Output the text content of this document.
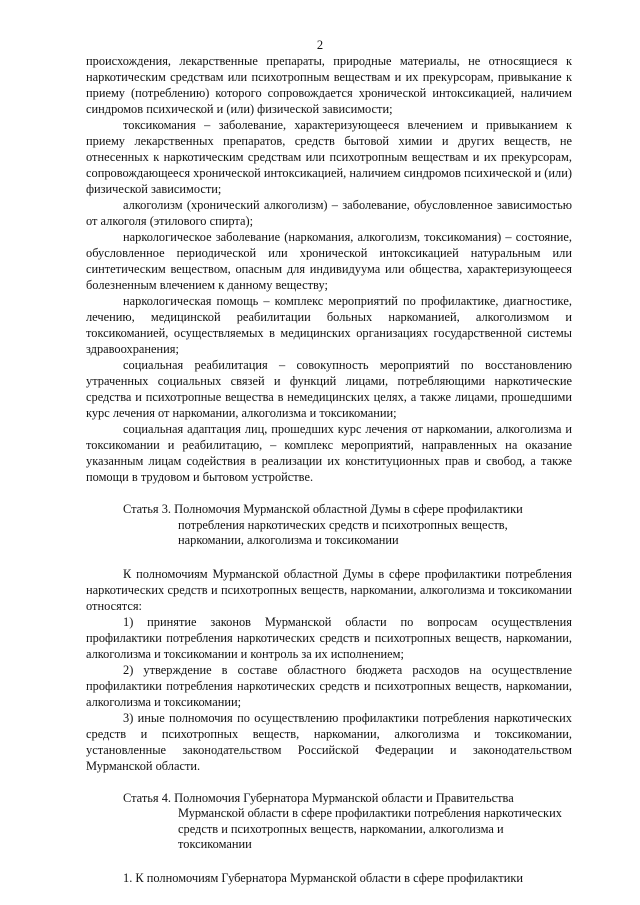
2

происхождения, лекарственные препараты, природные материалы, не относящиеся к наркотическим средствам или психотропным веществам и их прекурсорам, привыкание к приему (потреблению) которого сопровождается хронической интоксикацией, наличием синдромов психической и (или) физической зависимости;

токсикомания – заболевание, характеризующееся влечением и привыканием к приему лекарственных препаратов, средств бытовой химии и других веществ, не отнесенных к наркотическим средствам или психотропным веществам и их прекурсорам, сопровождающееся хронической интоксикацией, наличием синдромов психической и (или) физической зависимости;

алкоголизм (хронический алкоголизм) – заболевание, обусловленное зависимостью от алкоголя (этилового спирта);

наркологическое заболевание (наркомания, алкоголизм, токсикомания) – состояние, обусловленное периодической или хронической интоксикацией натуральным или синтетическим веществом, опасным для индивидуума или общества, характеризующееся болезненным влечением к данному веществу;

наркологическая помощь – комплекс мероприятий по профилактике, диагностике, лечению, медицинской реабилитации больных наркоманией, алкоголизмом и токсикоманией, осуществляемых в медицинских организациях государственной системы здравоохранения;

социальная реабилитация – совокупность мероприятий по восстановлению утраченных социальных связей и функций лицами, потребляющими наркотические средства и психотропные вещества в немедицинских целях, а также лицами, прошедшими курс лечения от наркомании, алкоголизма и токсикомании;

социальная адаптация лиц, прошедших курс лечения от наркомании, алкоголизма и токсикомании и реабилитацию, – комплекс мероприятий, направленных на оказание указанным лицам содействия в реализации их конституционных прав и свобод, а также помощи в трудовом и бытовом устройстве.

Статья 3. Полномочия Мурманской областной Думы в сфере профилактики
потребления наркотических средств и психотропных веществ, наркомании, алкоголизма и токсикомании

К полномочиям Мурманской областной Думы в сфере профилактики потребления наркотических средств и психотропных веществ, наркомании, алкоголизма и токсикомании относятся:

1) принятие законов Мурманской области по вопросам осуществления профилактики потребления наркотических средств и психотропных веществ, наркомании, алкоголизма и токсикомании и контроль за их исполнением;

2) утверждение в составе областного бюджета расходов на осуществление профилактики потребления наркотических средств и психотропных веществ, наркомании, алкоголизма и токсикомании;

3) иные полномочия по осуществлению профилактики потребления наркотических средств и психотропных веществ, наркомании, алкоголизма и токсикомании, установленные законодательством Российской Федерации и законодательством Мурманской области.

Статья 4. Полномочия Губернатора Мурманской области и Правительства
Мурманской области в сфере профилактики потребления наркотических средств и психотропных веществ, наркомании, алкоголизма и токсикомании

1. К полномочиям Губернатора Мурманской области в сфере профилактики
